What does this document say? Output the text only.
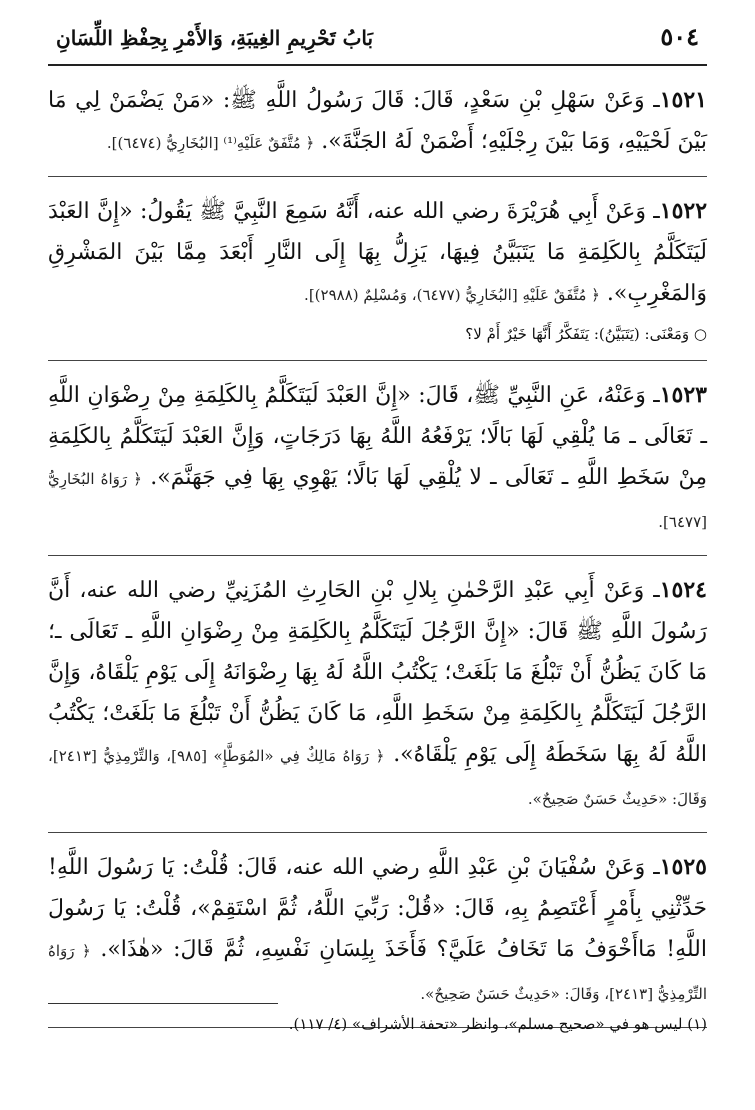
٥٠٤
بَابُ تَحْرِيمِ الغِيبَةِ، وَالأَمْرِ بِحِفْظِ اللِّسَانِ

١٥٢١ـ وَعَنْ سَهْلِ بْنِ سَعْدٍ، قَالَ: قَالَ رَسُولُ اللَّهِ ﷺ: «مَنْ يَضْمَنْ لِي مَا بَيْنَ لَحْيَيْهِ، وَمَا بَيْنَ رِجْلَيْهِ؛ أَضْمَنْ لَهُ الجَنَّةَ». ﴿ مُتَّفَقٌ عَلَيْهِ⁽¹⁾ [البُخَارِيُّ (٦٤٧٤)].

١٥٢٢ـ وَعَنْ أَبِي هُرَيْرَةَ رضي الله عنه، أَنَّهُ سَمِعَ النَّبِيَّ ﷺ يَقُولُ: «إِنَّ العَبْدَ لَيَتَكَلَّمُ بِالكَلِمَةِ مَا يَتَبَيَّنُ فِيهَا، يَزِلُّ بِهَا إِلَى النَّارِ أَبْعَدَ مِمَّا بَيْنَ المَشْرِقِ وَالمَغْرِبِ». ﴿ مُتَّفَقٌ عَلَيْهِ [البُخَارِيُّ (٦٤٧٧)، وَمُسْلِمٌ (٢٩٨٨)].

○ وَمَعْنَى: (يَتَبَيَّنُ): يَتَفَكَّرُ أَنَّهَا خَيْرٌ أَمْ لا؟

١٥٢٣ـ وَعَنْهُ، عَنِ النَّبِيِّ ﷺ، قَالَ: «إِنَّ العَبْدَ لَيَتَكَلَّمُ بِالكَلِمَةِ مِنْ رِضْوَانِ اللَّهِ ـ تَعَالَى ـ مَا يُلْقِي لَهَا بَالًا؛ يَرْفَعُهُ اللَّهُ بِهَا دَرَجَاتٍ، وَإِنَّ العَبْدَ لَيَتَكَلَّمُ بِالكَلِمَةِ مِنْ سَخَطِ اللَّهِ ـ تَعَالَى ـ لا يُلْقِي لَهَا بَالًا؛ يَهْوِي بِهَا فِي جَهَنَّمَ». ﴿ رَوَاهُ البُخَارِيُّ [٦٤٧٧].

١٥٢٤ـ وَعَنْ أَبِي عَبْدِ الرَّحْمٰنِ بِلالِ بْنِ الحَارِثِ المُزَنِيِّ رضي الله عنه، أَنَّ رَسُولَ اللَّهِ ﷺ قَالَ: «إِنَّ الرَّجُلَ لَيَتَكَلَّمُ بِالكَلِمَةِ مِنْ رِضْوَانِ اللَّهِ ـ تَعَالَى ـ؛ مَا كَانَ يَظُنُّ أَنْ تَبْلُغَ مَا بَلَغَتْ؛ يَكْتُبُ اللَّهُ لَهُ بِهَا رِضْوَانَهُ إِلَى يَوْمِ يَلْقَاهُ، وَإِنَّ الرَّجُلَ لَيَتَكَلَّمُ بِالكَلِمَةِ مِنْ سَخَطِ اللَّهِ، مَا كَانَ يَظُنُّ أَنْ تَبْلُغَ مَا بَلَغَتْ؛ يَكْتُبُ اللَّهُ لَهُ بِهَا سَخَطَهُ إِلَى يَوْمِ يَلْقَاهُ». ﴿ رَوَاهُ مَالِكٌ فِي «المُوَطَّإِ» [٩٨٥]، وَالتِّرْمِذِيُّ [٢٤١٣]، وَقَالَ: «حَدِيثٌ حَسَنٌ صَحِيحٌ».

١٥٢٥ـ وَعَنْ سُفْيَانَ بْنِ عَبْدِ اللَّهِ رضي الله عنه، قَالَ: قُلْتُ: يَا رَسُولَ اللَّهِ! حَدِّثْنِي بِأَمْرٍ أَعْتَصِمُ بِهِ، قَالَ: «قُلْ: رَبِّيَ اللَّهُ، ثُمَّ اسْتَقِمْ»، قُلْتُ: يَا رَسُولَ اللَّهِ! مَاأَخْوَفُ مَا تَخَافُ عَلَيَّ؟ فَأَخَذَ بِلِسَانِ نَفْسِهِ، ثُمَّ قَالَ: «هٰذَا». ﴿ رَوَاهُ التِّرْمِذِيُّ [٢٤١٣]، وَقَالَ: «حَدِيثٌ حَسَنٌ صَحِيحٌ».

(١) ليس هو في «صحيح مسلم»، وانظر «تحفة الأشراف» (٤/ ١١٧).
